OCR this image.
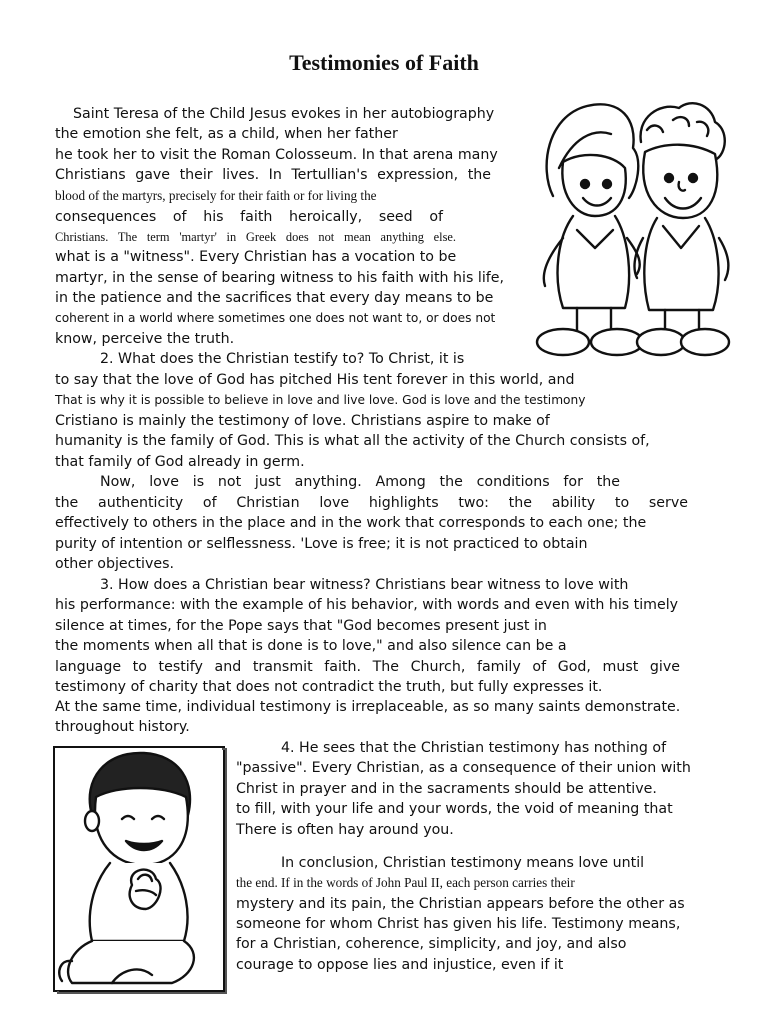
Testimonies of Faith
Saint Teresa of the Child Jesus evokes in her autobiography
the emotion she felt, as a child, when her father
he took her to visit the Roman Colosseum. In that arena many
Christians gave their lives. In Tertullian's expression, the
blood of the martyrs, precisely for their faith or for living the
consequences of his faith heroically, seed of
Christians. The term 'martyr' in Greek does not mean anything else.
what is a "witness". Every Christian has a vocation to be
martyr, in the sense of bearing witness to his faith with his life,
in the patience and the sacrifices that every day means to be
coherent in a world where sometimes one does not want to, or does not
know, perceive the truth.
2. What does the Christian testify to? To Christ, it is
to say that the love of God has pitched His tent forever in this world, and
That is why it is possible to believe in love and live love. God is love and the testimony
Cristiano is mainly the testimony of love. Christians aspire to make of
humanity is the family of God. This is what all the activity of the Church consists of,
that family of God already in germ.
Now, love is not just anything. Among the conditions for the
the authenticity of Christian love highlights two: the ability to serve
effectively to others in the place and in the work that corresponds to each one; the
purity of intention or selflessness. 'Love is free; it is not practiced to obtain
other objectives.
3. How does a Christian bear witness? Christians bear witness to love with
his performance: with the example of his behavior, with words and even with his timely
silence at times, for the Pope says that "God becomes present just in
the moments when all that is done is to love," and also silence can be a
language to testify and transmit faith. The Church, family of God, must give
testimony of charity that does not contradict the truth, but fully expresses it.
At the same time, individual testimony is irreplaceable, as so many saints demonstrate.
throughout history.
4. He sees that the Christian testimony has nothing of
"passive". Every Christian, as a consequence of their union with
Christ in prayer and in the sacraments should be attentive.
to fill, with your life and your words, the void of meaning that
There is often hay around you.
In conclusion, Christian testimony means love until
the end. If in the words of John Paul II, each person carries their
mystery and its pain, the Christian appears before the other as
someone for whom Christ has given his life. Testimony means,
for a Christian, coherence, simplicity, and joy, and also
courage to oppose lies and injustice, even if it
